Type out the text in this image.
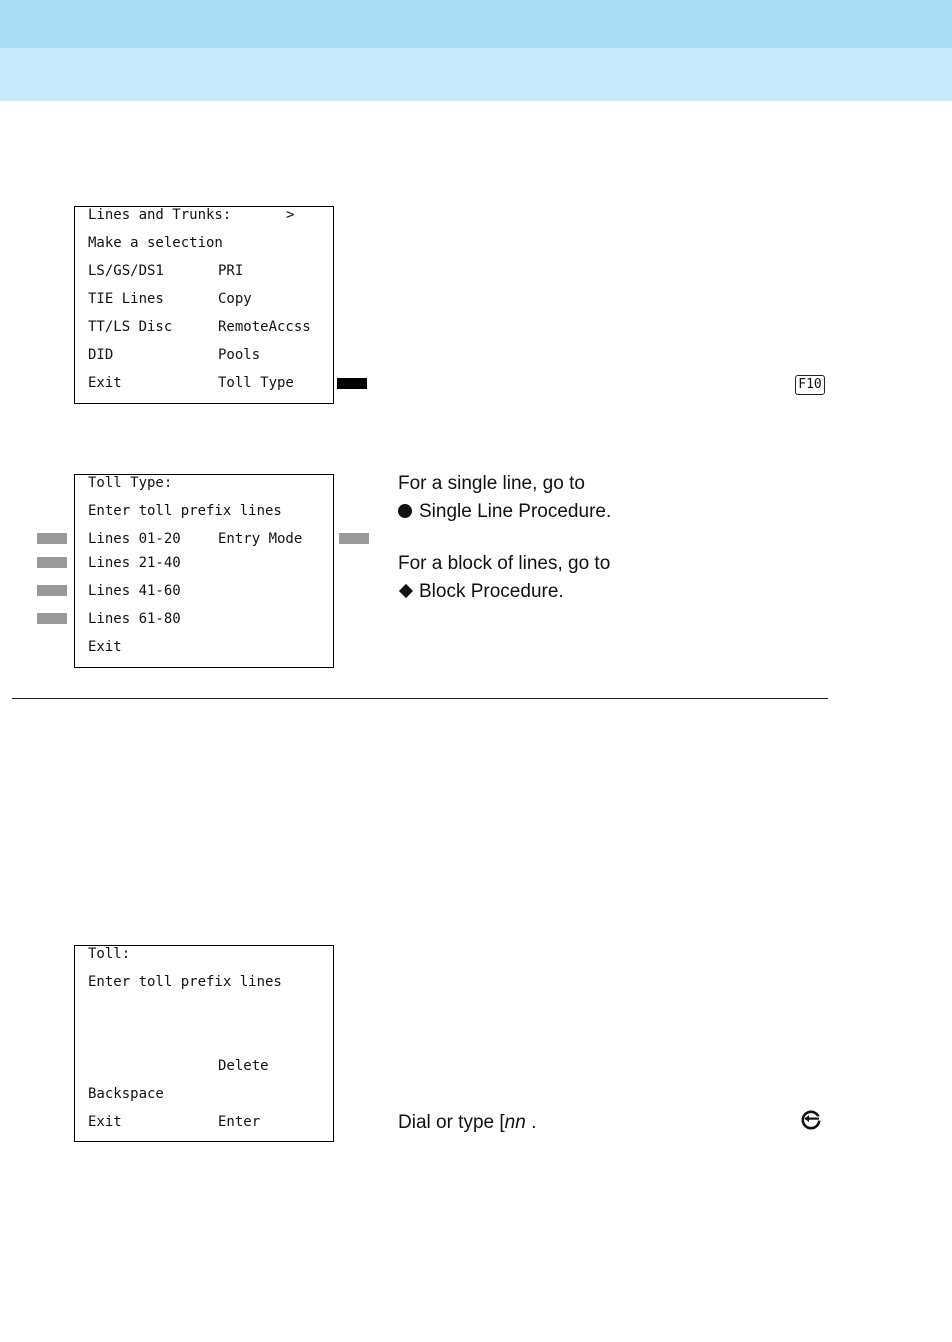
Lines and Trunks:	>
Make a selection
LS/GS/DS1	PRI
TIE Lines	Copy
TT/LS Disc	RemoteAccss
DID	Pools
Exit	Toll Type	F10
Toll Type:
Enter toll prefix lines
Lines 01-20	Entry Mode
Lines 21-40
Lines 41-60
Lines 61-80
Exit
For a single line, go to
Single Line Procedure.
For a block of lines, go to
Block Procedure.
Toll:
Enter toll prefix lines
Delete
Backspace
Exit	Enter	Dial or type [nn .
